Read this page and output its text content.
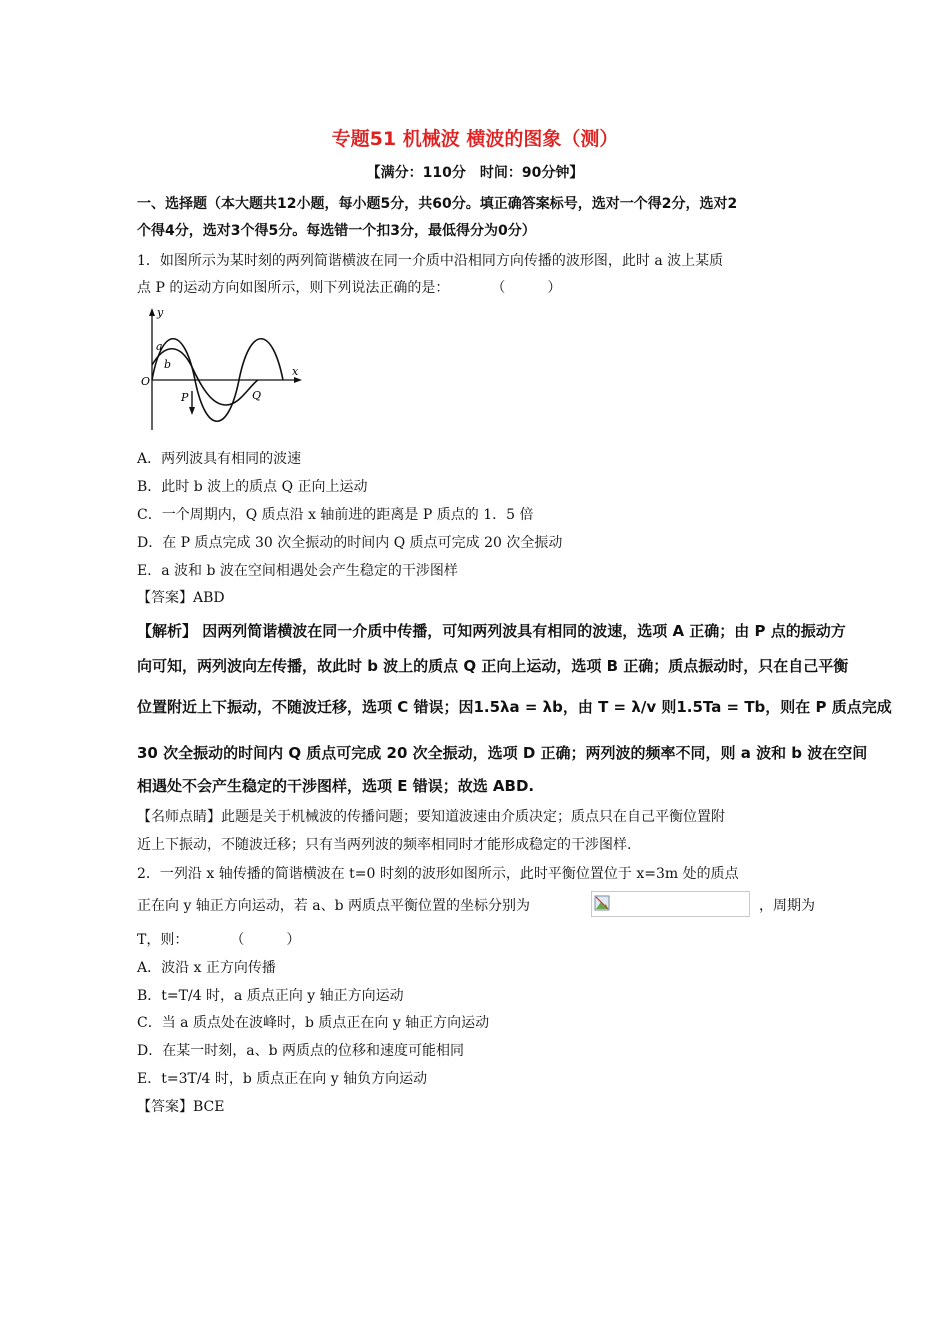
专题51 机械波 横波的图象（测）
【满分：110分　时间：90分钟】
一、选择题（本大题共12小题，每小题5分，共60分。填正确答案标号，选对一个得2分，选对2
个得4分，选对3个得5分。每选错一个扣3分，最低得分为0分）
1．如图所示为某时刻的两列简谐横波在同一介质中沿相同方向传播的波形图，此时 a 波上某质
点 P 的运动方向如图所示，则下列说法正确的是：　　　　（　　　）
y
x
O
a
b
P	Q
A．两列波具有相同的波速
B．此时 b 波上的质点 Q 正向上运动
C．一个周期内，Q 质点沿 x 轴前进的距离是 P 质点的 1．5 倍
D．在 P 质点完成 30 次全振动的时间内 Q 质点可完成 20 次全振动
E．a 波和 b 波在空间相遇处会产生稳定的干涉图样
【答案】ABD
【解析】 因两列简谐横波在同一介质中传播，可知两列波具有相同的波速，选项 A 正确；由 P 点的振动方
向可知，两列波向左传播，故此时 b 波上的质点 Q 正向上运动，选项 B 正确；质点振动时，只在自己平衡
位置附近上下振动，不随波迁移，选项 C 错误；因1.5λa = λb，由 T = λ/v 则1.5Ta = Tb，则在 P 质点完成
30 次全振动的时间内 Q 质点可完成 20 次全振动，选项 D 正确；两列波的频率不同，则 a 波和 b 波在空间
相遇处不会产生稳定的干涉图样，选项 E 错误；故选 ABD.
【名师点睛】此题是关于机械波的传播问题；要知道波速由介质决定；质点只在自己平衡位置附
近上下振动，不随波迁移；只有当两列波的频率相同时才能形成稳定的干涉图样.
2．一列沿 x 轴传播的简谐横波在 t=0 时刻的波形如图所示，此时平衡位置位于 x=3m 处的质点
正在向 y 轴正方向运动，若 a、b 两质点平衡位置的坐标分别为	，周期为
T，则：　　　　（　　　）
A．波沿 x 正方向传播
B．t=T/4 时，a 质点正向 y 轴正方向运动
C．当 a 质点处在波峰时，b 质点正在向 y 轴正方向运动
D．在某一时刻，a、b 两质点的位移和速度可能相同
E．t=3T/4 时，b 质点正在向 y 轴负方向运动
【答案】BCE
